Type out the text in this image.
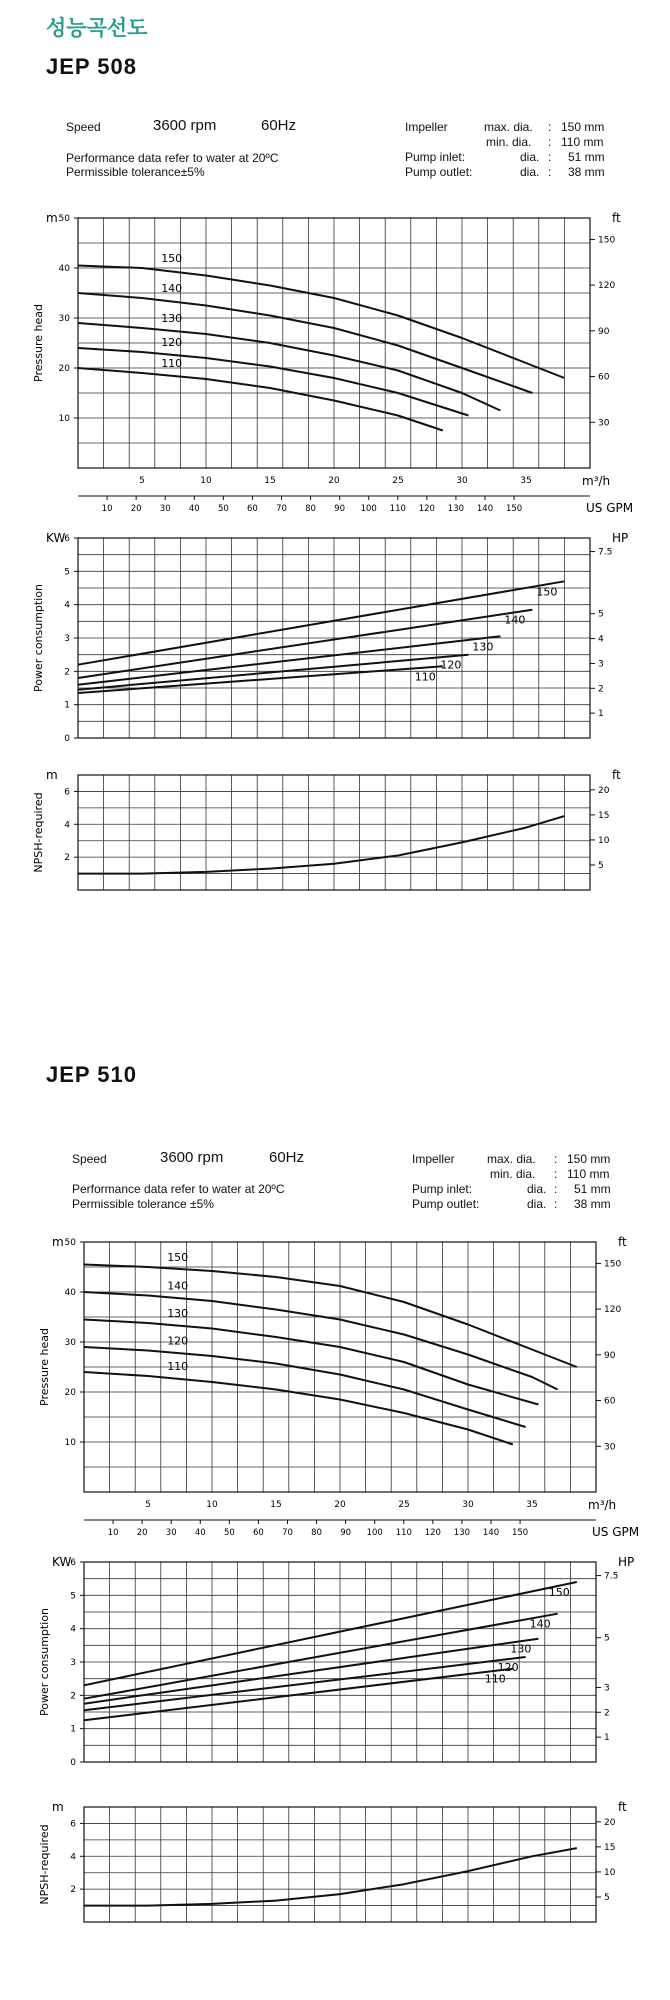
성능곡선도
JEP 508
Speed	3600 rpm	60Hz
Performance data refer to water at 20ºC
Permissible tolerance±5%
Impeller	max. dia. : 150 mm
min. dia. : 110 mm
Pump inlet:	dia. : 51 mm
Pump outlet:	dia. : 38 mm
m	ft
10
20
30
40
50
30
60
90
120
150
Pressure head
5	10	15	20	25	30	35	m³/h
10 20 30 40 50 60 70 80 90 100 110 120 130 140 150	US GPM
150
140
130
120
110
KW	HP
0
1
2
3
4
5
6
1
2
3
4
5
7.5
Power consumption	150
140
130
120
110
m	ft
2
4
6
5
10
15
20
NPSH-required
JEP 510
Speed	3600 rpm	60Hz
Performance data refer to water at 20ºC
Permissible tolerance ±5%
Impeller	max. dia. : 150 mm
min. dia. : 110 mm
Pump inlet:	dia. : 51 mm
Pump outlet:	dia. : 38 mm
m	ft
10
20
30
40
50
30
60
90
120
150
Pressure head
5	10	15	20	25	30	35	m³/h
10 20 30 40 50 60 70 80 90 100 110 120 130 140 150	US GPM
150
140
130
120
110
KW	HP
0
1
2
3
4
5
6
1
2
3
5
7.5
Power consumption
150
140
130
120
110
m	ft
2
4
6
5
10
15
20
NPSH-required
